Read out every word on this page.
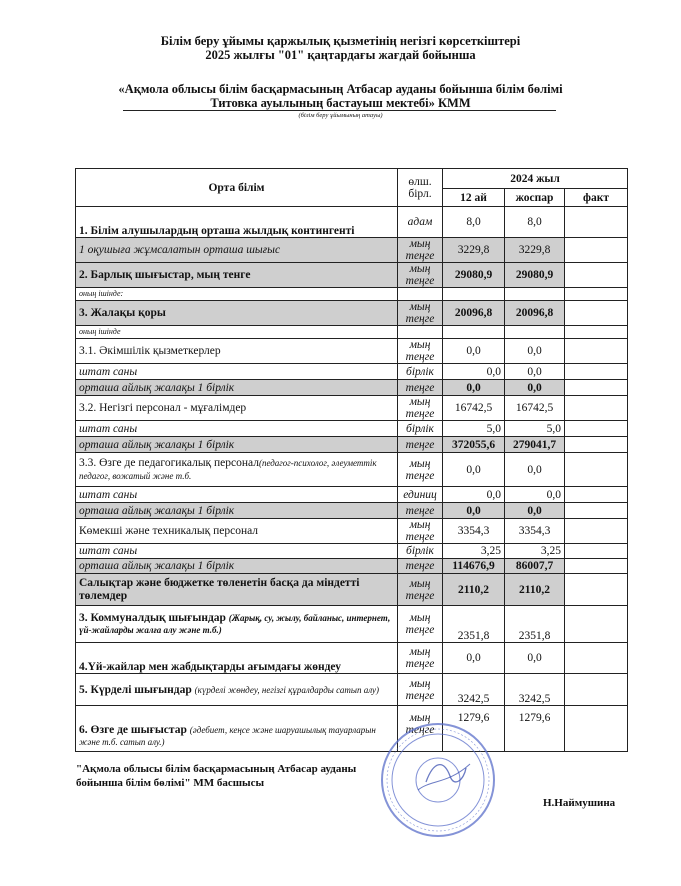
Білім беру ұйымы қаржылық қызметінің негізгі көрсеткіштері
2025 жылғы "01" қаңтардағы жағдай бойынша
«Ақмола облысы білім басқармасының Атбасар ауданы бойынша білім бөлімі
Титовка ауылының бастауыш мектебі» КММ
(білім беру ұйымының атауы)
Орта білім	өлш. бірл.	2024 жыл		
		12 ай	жоспар	факт
1. Білім алушылардың орташа жылдық контингенті	адам	8,0	8,0	
1 оқушыға жұмсалатын орташа шығыс	мың теңге	3229,8	3229,8	
2. Барлық шығыстар, мың тенге	мың теңге	29080,9	29080,9	
оның ішінде:				
3. Жалақы қоры	мың теңге	20096,8	20096,8	
оның ішінде				
3.1. Әкімшілік қызметкерлер	мың теңге	0,0	0,0	
штат саны	бірлік	0,0	0,0	
орташа айлық жалақы 1 бірлік	теңге	0,0	0,0	
3.2. Негізгі персонал - мұғалімдер	мың теңге	16742,5	16742,5	
штат саны	бірлік	5,0	5,0	
орташа айлық жалақы 1 бірлік	теңге	372055,6	279041,7	
3.3. Өзге де педагогикалық персонал(педагог-психолог, әлеуметтік педагог, вожатый және т.б.	мың теңге	0,0	0,0	
штат саны	единиц	0,0	0,0	
орташа айлық жалақы 1 бірлік	теңге	0,0	0,0	
Көмекші және техникалық персонал	мың теңге	3354,3	3354,3	
штат саны	бірлік	3,25	3,25	
орташа айлық жалақы 1 бірлік	теңге	114676,9	86007,7	
Салықтар және бюджетке төленетін басқа да міндетті төлемдер	мың теңге	2110,2	2110,2	
3. Коммуналдық шығындар (Жарық, су, жылу, байланыс, интернет, үй-жайларды жалға алу және т.б.)	мың теңге	2351,8	2351,8	
4.Үй-жайлар мен жабдықтарды ағымдағы жөндеу	мың теңге	0,0	0,0	
5. Күрделі шығындар (күрделі жөндеу, негізгі құралдарды сатып алу)	мың теңге	3242,5	3242,5	
6. Өзге де шығыстар (әдебиет, кеңсе және шаруашылық тауарларын және т.б. сатып алу.)	мың теңге	1279,6	1279,6	
"Ақмола облысы білім басқармасының Атбасар ауданы
бойынша білім бөлімі" ММ басшысы
Н.Наймушина
